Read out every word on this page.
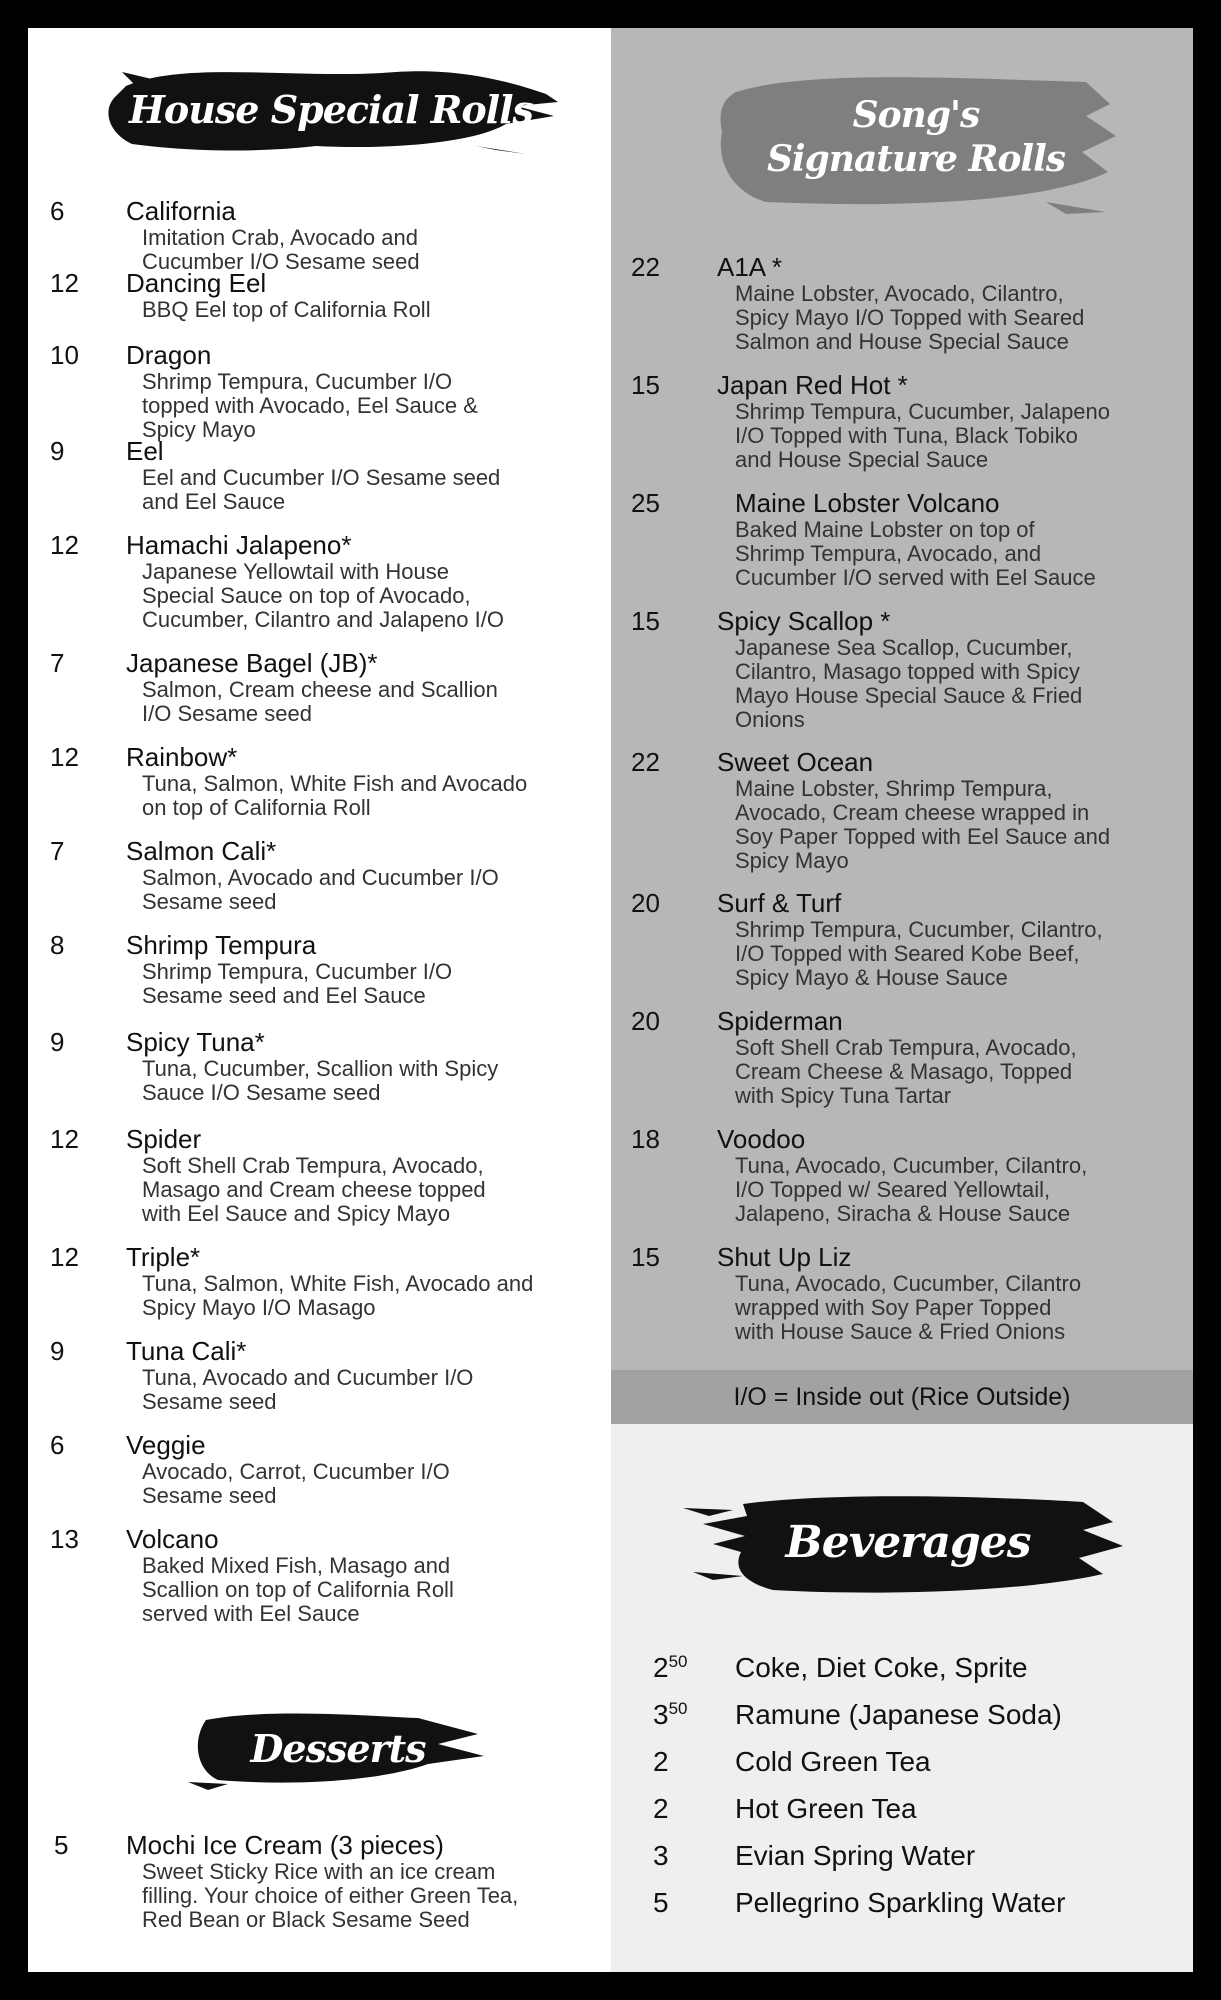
House Special Rolls
6	California
Imitation Crab, Avocado and
Cucumber I/O Sesame seed
12	Dancing Eel
BBQ Eel top of California Roll
10	Dragon
Shrimp Tempura, Cucumber I/O
topped with Avocado, Eel Sauce &
Spicy Mayo
9	Eel
Eel and Cucumber I/O Sesame seed
and Eel Sauce
12	Hamachi Jalapeno*
Japanese Yellowtail with House
Special Sauce on top of Avocado,
Cucumber, Cilantro and Jalapeno I/O
7	Japanese Bagel (JB)*
Salmon, Cream cheese and Scallion
I/O Sesame seed
12	Rainbow*
Tuna, Salmon, White Fish and Avocado
on top of California Roll
7	Salmon Cali*
Salmon, Avocado and Cucumber I/O
Sesame seed
8	Shrimp Tempura
Shrimp Tempura, Cucumber I/O
Sesame seed and Eel Sauce
9	Spicy Tuna*
Tuna, Cucumber, Scallion with Spicy
Sauce I/O Sesame seed
12	Spider
Soft Shell Crab Tempura, Avocado,
Masago and Cream cheese topped
with Eel Sauce and Spicy Mayo
12	Triple*
Tuna, Salmon, White Fish, Avocado and
Spicy Mayo I/O Masago
9	Tuna Cali*
Tuna, Avocado and Cucumber I/O
Sesame seed
6	Veggie
Avocado, Carrot, Cucumber I/O
Sesame seed
13	Volcano
Baked Mixed Fish, Masago and
Scallion on top of California Roll
served with Eel Sauce
Desserts
5	Mochi Ice Cream (3 pieces)
Sweet Sticky Rice with an ice cream
filling. Your choice of either Green Tea,
Red Bean or Black Sesame Seed
Song's
Signature Rolls
22	A1A *
Maine Lobster, Avocado, Cilantro,
Spicy Mayo I/O Topped with Seared
Salmon and House Special Sauce
15	Japan Red Hot *
Shrimp Tempura, Cucumber, Jalapeno
I/O Topped with Tuna, Black Tobiko
and House Special Sauce
25	Maine Lobster Volcano
Baked Maine Lobster on top of
Shrimp Tempura, Avocado, and
Cucumber I/O served with Eel Sauce
15	Spicy Scallop *
Japanese Sea Scallop, Cucumber,
Cilantro, Masago topped with Spicy
Mayo House Special Sauce & Fried
Onions
22	Sweet Ocean
Maine Lobster, Shrimp Tempura,
Avocado, Cream cheese wrapped in
Soy Paper Topped with Eel Sauce and
Spicy Mayo
20	Surf & Turf
Shrimp Tempura, Cucumber, Cilantro,
I/O Topped with Seared Kobe Beef,
Spicy Mayo & House Sauce
20	Spiderman
Soft Shell Crab Tempura, Avocado,
Cream Cheese & Masago, Topped
with Spicy Tuna Tartar
18	Voodoo
Tuna, Avocado, Cucumber, Cilantro,
I/O Topped w/ Seared Yellowtail,
Jalapeno, Siracha & House Sauce
15	Shut Up Liz
Tuna, Avocado, Cucumber, Cilantro
wrapped with Soy Paper Topped
with House Sauce & Fried Onions
I/O = Inside out (Rice Outside)
Beverages
$2^{50}$ Coke, Diet Coke, Sprite
$3^{50}$ Ramune (Japanese Soda)
2 Cold Green Tea
2 Hot Green Tea
3 Evian Spring Water
5 Pellegrino Sparkling Water
